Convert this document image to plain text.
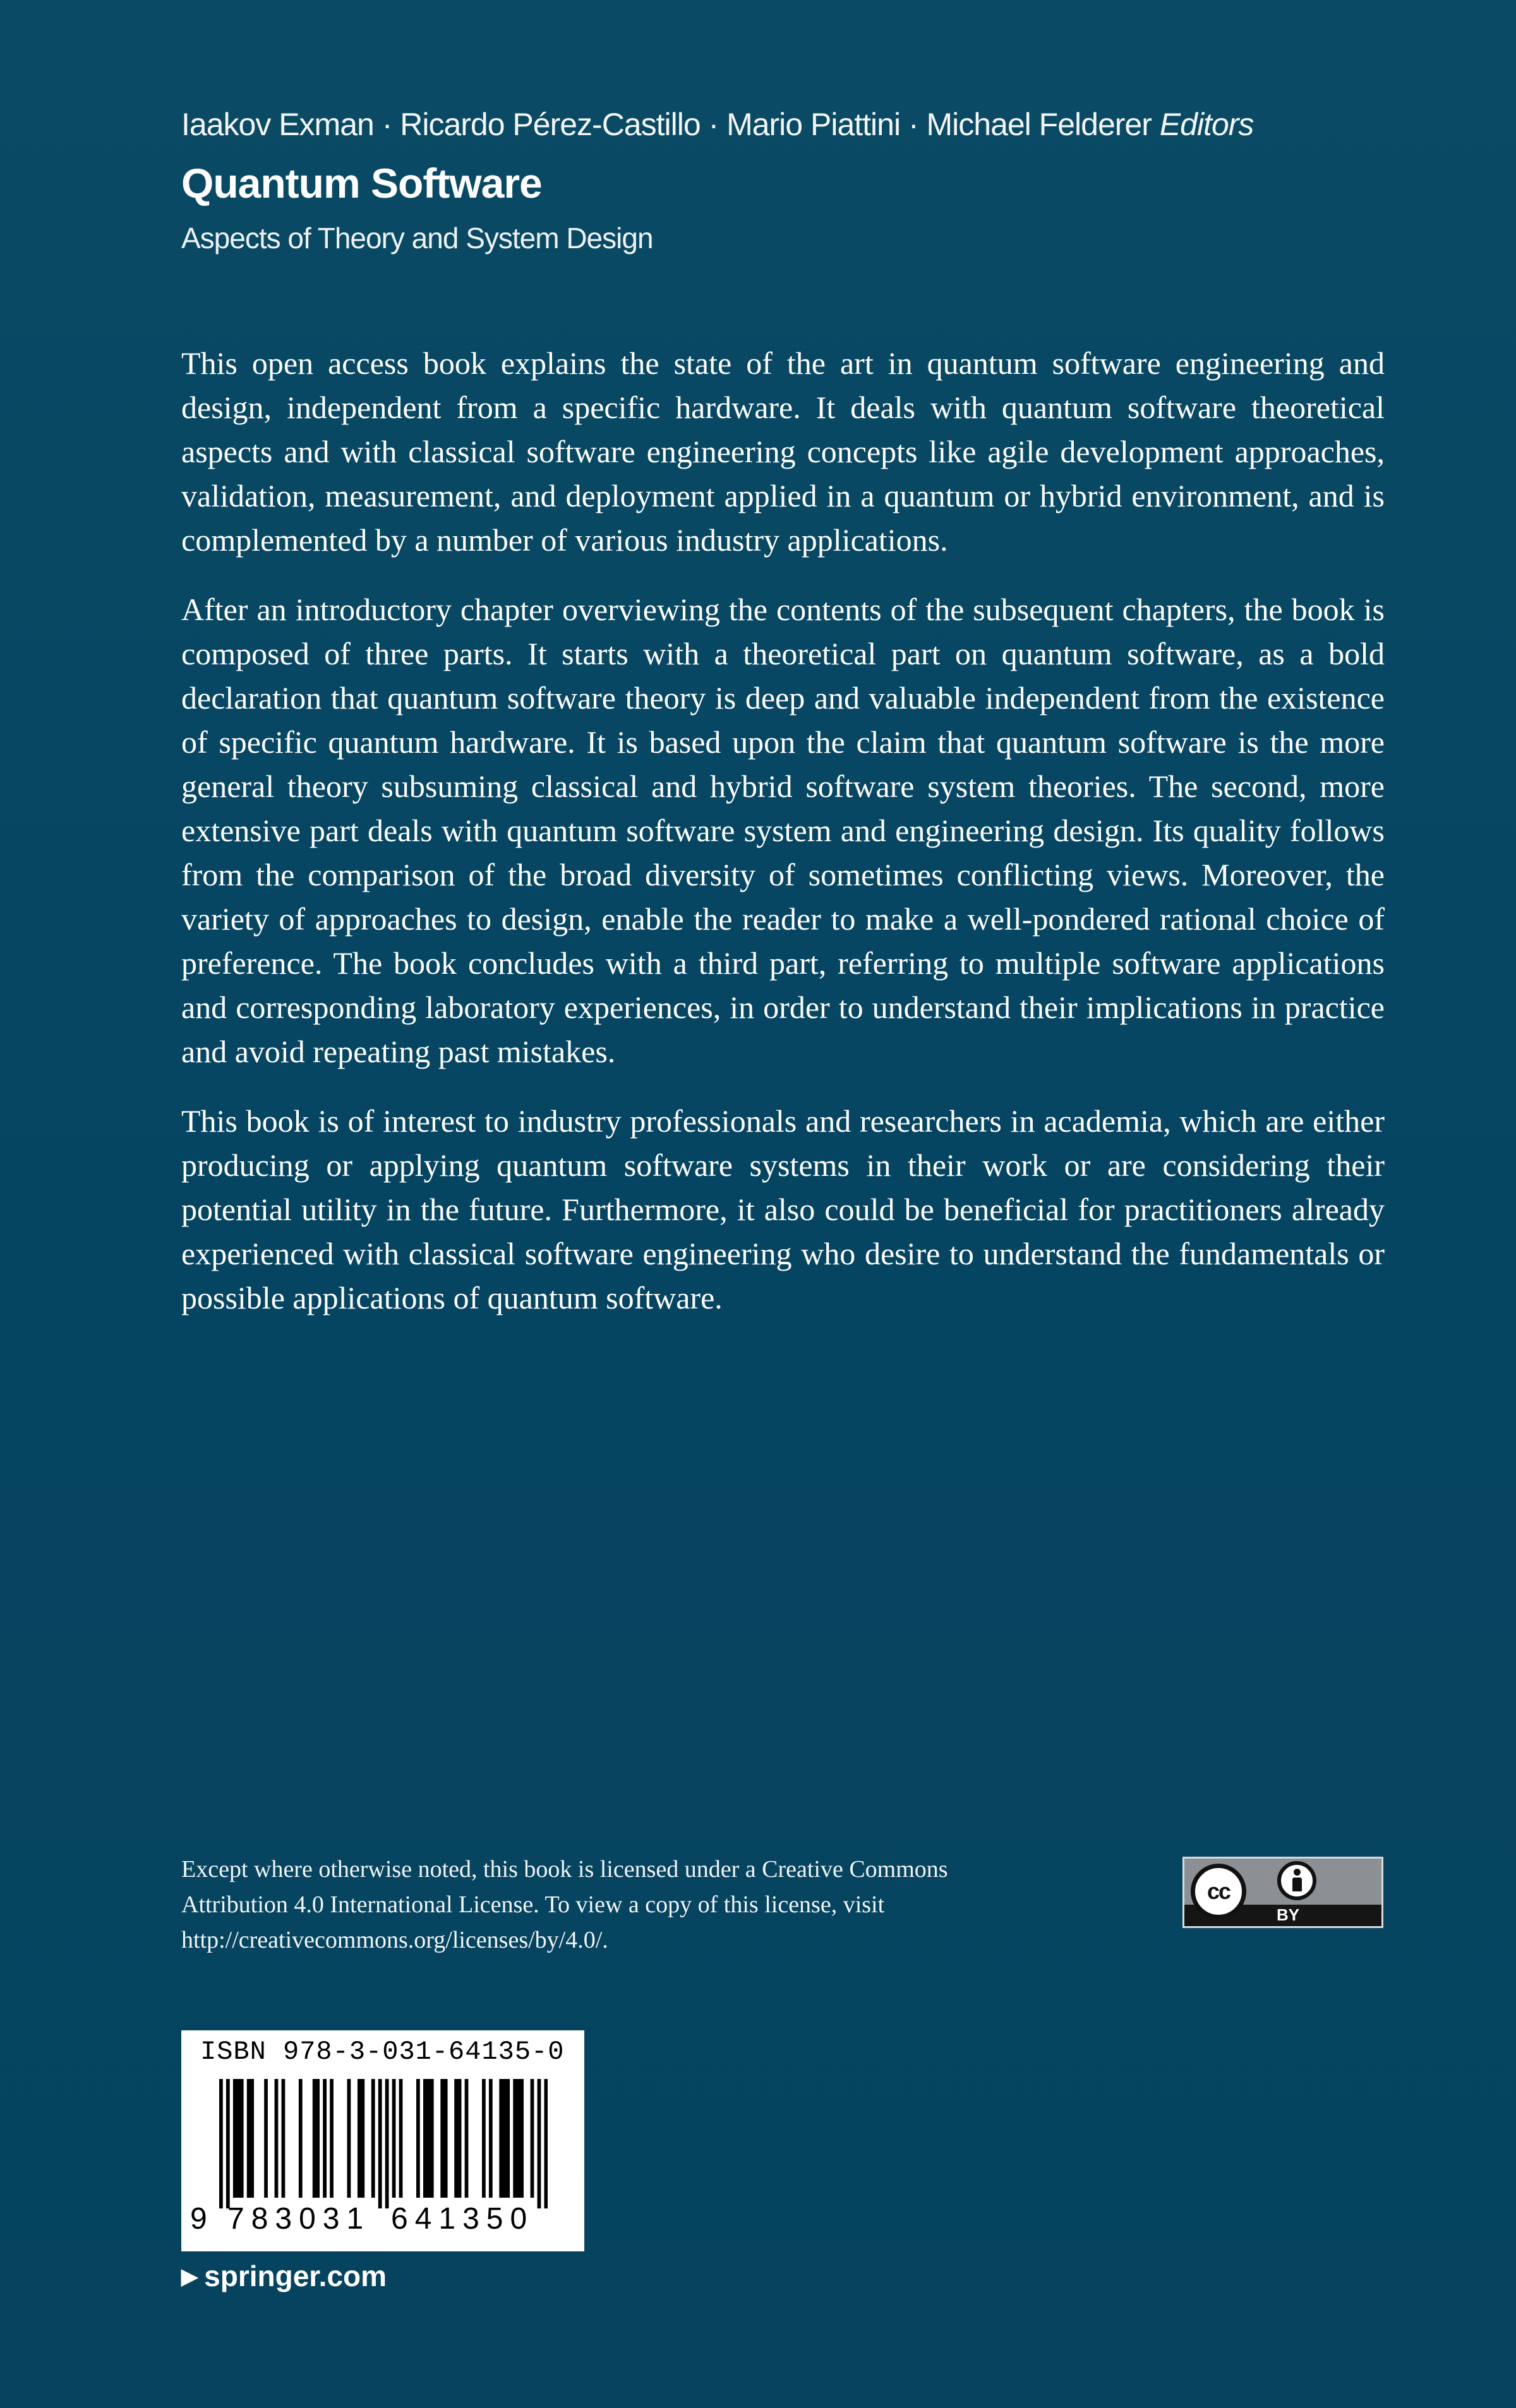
Iaakov Exman · Ricardo Pérez-Castillo · Mario Piattini · Michael Felderer Editors
Quantum Software
Aspects of Theory and System Design

This open access book explains the state of the art in quantum software engineering and design, independent from a specific hardware. It deals with quantum software theoretical aspects and with classical software engineering concepts like agile development approaches, validation, measurement, and deployment applied in a quantum or hybrid environment, and is complemented by a number of various industry applications.

After an introductory chapter overviewing the contents of the subsequent chapters, the book is composed of three parts. It starts with a theoretical part on quantum software, as a bold declaration that quantum software theory is deep and valuable independent from the existence of specific quantum hardware. It is based upon the claim that quantum software is the more general theory subsuming classical and hybrid software system theories. The second, more extensive part deals with quantum software system and engineering design. Its quality follows from the comparison of the broad diversity of sometimes conflicting views. Moreover, the variety of approaches to design, enable the reader to make a well-pondered rational choice of preference. The book concludes with a third part, referring to multiple software applications and corresponding laboratory experiences, in order to understand their implications in practice and avoid repeating past mistakes.

This book is of interest to industry professionals and researchers in academia, which are either producing or applying quantum software systems in their work or are considering their potential utility in the future. Furthermore, it also could be beneficial for practitioners already experienced with classical software engineering who desire to understand the fundamentals or possible applications of quantum software.

Except where otherwise noted, this book is licensed under a Creative Commons Attribution 4.0 International License. To view a copy of this license, visit http://creativecommons.org/licenses/by/4.0/.
cc
BY
ISBN 978-3-031-64135-0
9 783031 641350
▶ springer.com
